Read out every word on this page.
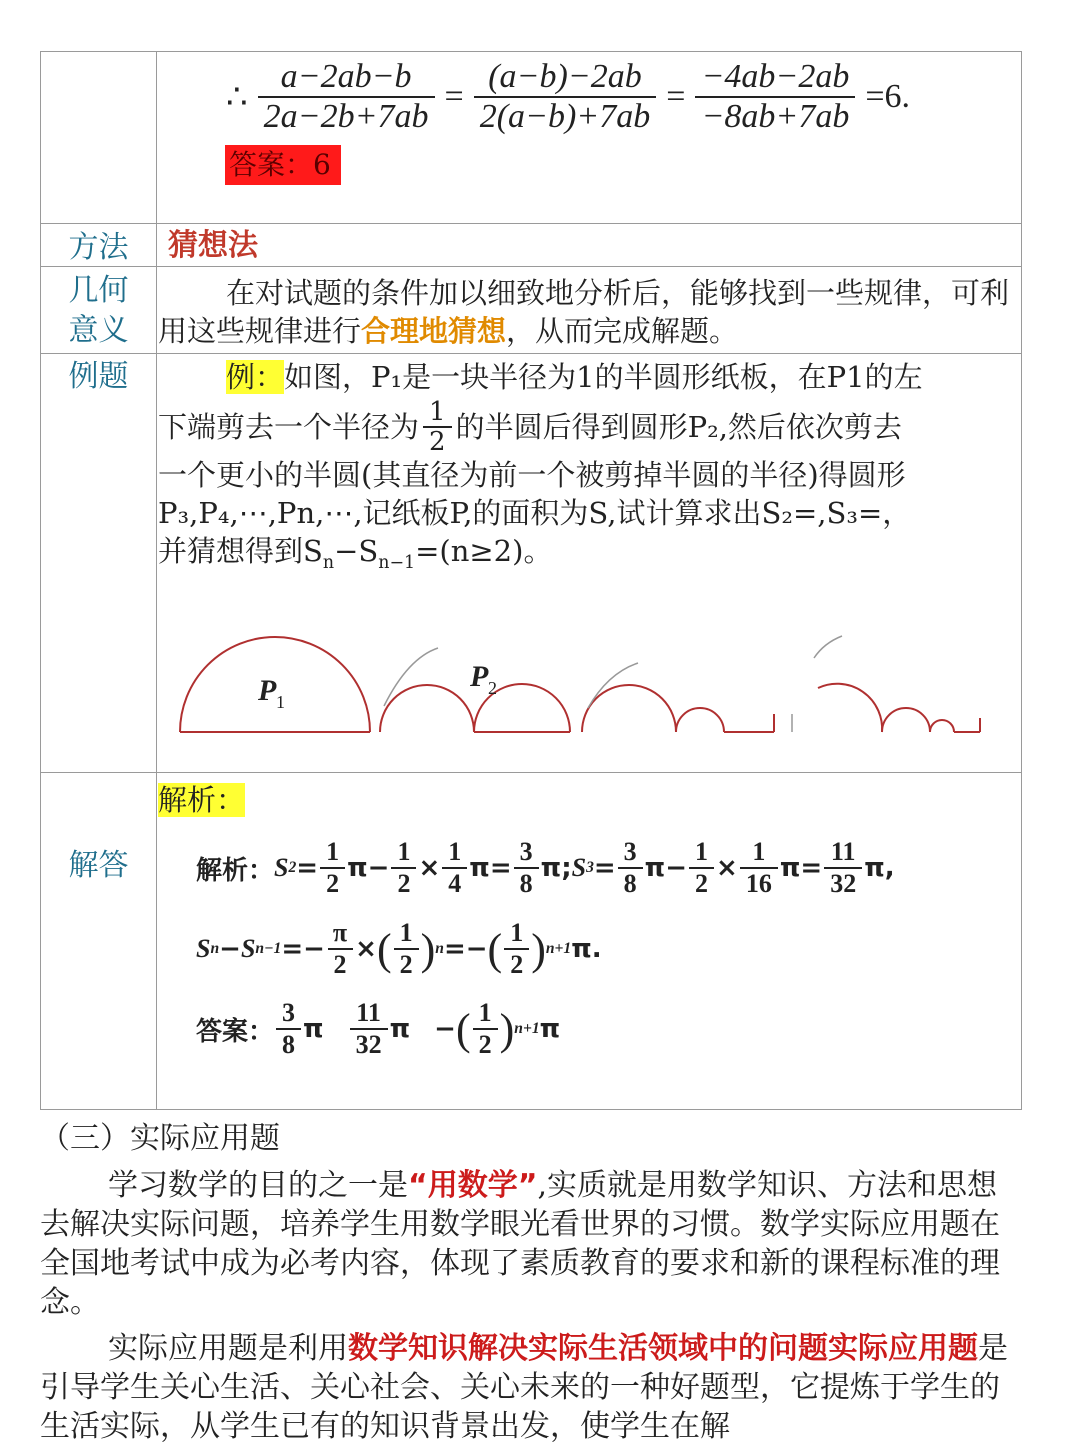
∴ $\frac{a-2ab-b}{2a-2b+7ab} = \frac{(a-b)-2ab}{2(a-b)+7ab} = \frac{-4ab-2ab}{-8ab+7ab} =6$.
答案：6
方法	猜想法
几何
意义
在对试题的条件加以细致地分析后，能够找到一些规律，可利用这些规律进行合理地猜想，从而完成解题。
例题	例：如图，P₁是一块半径为1的半圆形纸板，在P1的左
下端剪去一个半径为 $\frac{1}{2}$ 的半圆后得到圆形P₂,然后依次剪去
一个更小的半圆(其直径为前一个被剪掉半圆的半径)得圆形
P₃,P₄,⋯,Pn,⋯,记纸板P,的面积为S,试计算求出S₂=,S₃=，
并猜想得到$S_n-S_{n-1}=(n\ge 2)$。
P 1
P 2
解答
解析：
解析： S $2 = \frac{1}{2}$ $\pi - \frac{1}{2} \times \frac{1}{4}$ $\pi = \frac{3}{8}$ π ; S $3 = \frac{3}{8}$ $\pi - \frac{1}{2} \times \frac{1}{16}$ $\pi = \frac{11}{32}$ π ,
S n − S $n-1 =- \frac{\pi}{2}$ × ( $\frac{1}{2}$ ) n =− ( $\frac{1}{2}$ ) n+1 π.
答案： $\frac{3}{8}$ π $\frac{11}{32}$ π − ( $\frac{1}{2}$ ) n+1 π
（三）实际应用题
学习数学的目的之一是“用数学”,实质就是用数学知识、方法和思想去解决实际问题，培养学生用数学眼光看世界的习惯。数学实际应用题在全国地考试中成为必考内容，体现了素质教育的要求和新的课程标准的理念。
实际应用题是利用数学知识解决实际生活领域中的问题实际应用题是引导学生关心生活、关心社会、关心未来的一种好题型，它提炼于学生的生活实际，从学生已有的知识背景出发，使学生在解
